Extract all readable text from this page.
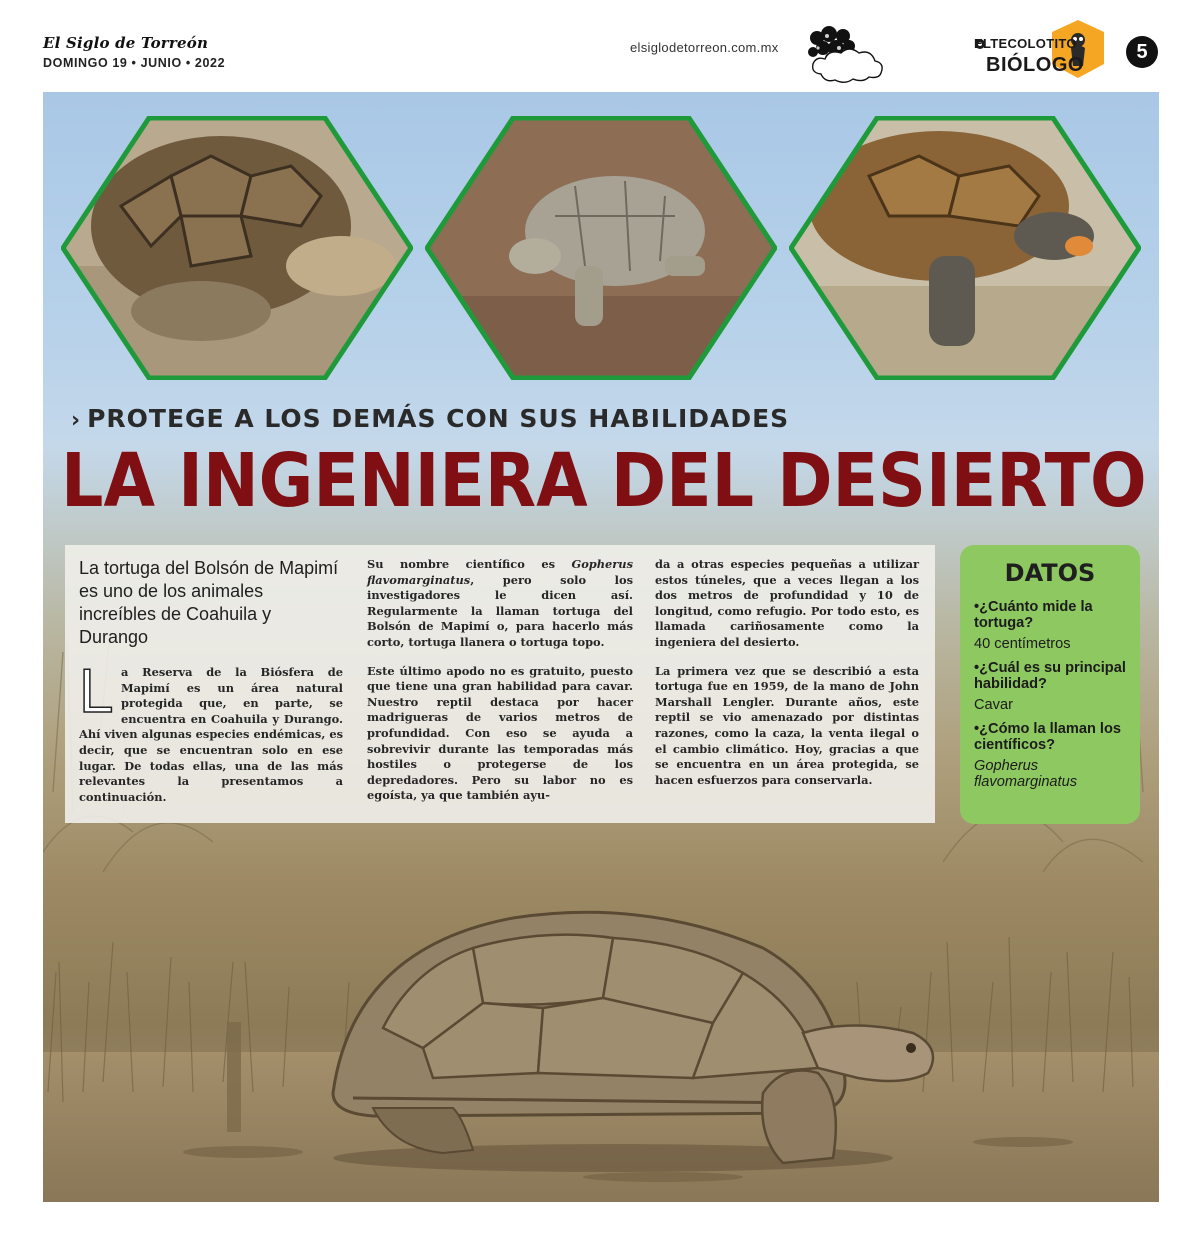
El Siglo de Torreón
DOMINGO 19 • JUNIO • 2022
elsiglodetorreon.com.mx	ELTECOLOTITO
BIÓLOGO
5
› PROTEGE A LOS DEMÁS CON SUS HABILIDADES
LA INGENIERA DEL DESIERTO

La tortuga del Bolsón de Mapimí es uno de los animales increíbles de Coahuila y Durango

L a Reserva de la Biósfera de Mapimí es un área natural protegida que, en parte, se encuentra en Coahuila y Durango. Ahí viven algunas especies endémicas, es decir, que se encuentran solo en ese lugar. De todas ellas, una de las más relevantes la presentamos a continuación.

Su nombre científico es Gopherus flavomarginatus, pero solo los investigadores le dicen así. Regularmente la llaman tortuga del Bolsón de Mapimí o, para hacerlo más corto, tortuga llanera o tortuga topo.

Este último apodo no es gratuito, puesto que tiene una gran habilidad para cavar. Nuestro reptil destaca por hacer madrigueras de varios metros de profundidad. Con eso se ayuda a sobrevivir durante las temporadas más hostiles o protegerse de los depredadores. Pero su labor no es egoísta, ya que también ayu-

da a otras especies pequeñas a utilizar estos túneles, que a veces llegan a los dos metros de profundidad y 10 de longitud, como refugio. Por todo esto, es llamada cariñosamente como la ingeniera del desierto.

La primera vez que se describió a esta tortuga fue en 1959, de la mano de John Marshall Lengler. Durante años, este reptil se vio amenazado por distintas razones, como la caza, la venta ilegal o el cambio climático. Hoy, gracias a que se encuentra en un área protegida, se hacen esfuerzos para conservarla.

DATOS
•¿Cuánto mide la tortuga?
40 centímetros
•¿Cuál es su principal habilidad?
Cavar
•¿Cómo la llaman los científicos?
Gopherus flavomarginatus
